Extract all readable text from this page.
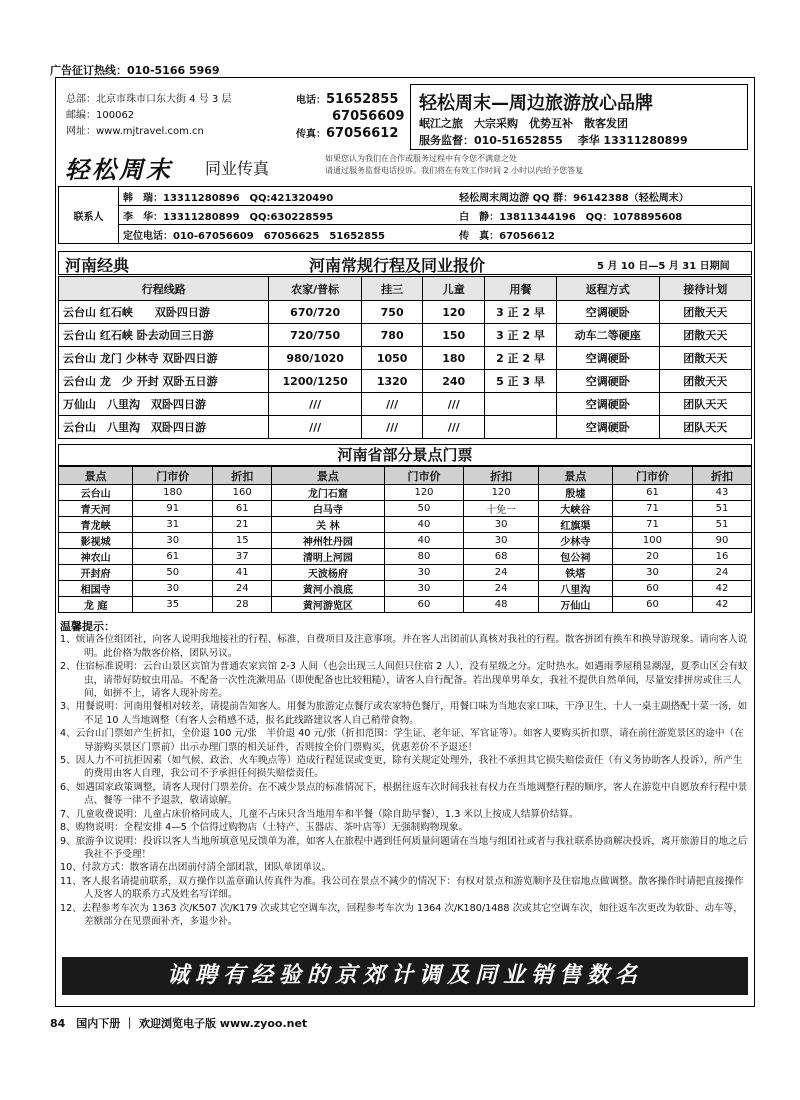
广告征订热线：010-5166 5969
总部：北京市珠市口东大街 4 号 3 层
邮编：100062
网址：www.mjtravel.com.cn
电话：51652855
67056609
传真：67056612
轻松周末—周边旅游放心品牌
岷江之旅　大宗采购　优势互补　散客发团
服务监督：010-51652855　 李华 13311280899
轻松周末 同业传真
如果您认为我们在合作或服务过程中有令您不满意之处
请通过服务监督电话投诉。我们将在有效工作时间 2 小时以内给予您答复
联系人	韩　瑞：13311280896　QQ:421320490	轻松周末周边游 QQ 群：96142388（轻松周末）
	李　华：13311280899　QQ:630228595	白　静：13811344196　QQ：1078895608
	定位电话：010-67056609　67056625　51652855	传　真：67056612
河南经典	河南常规行程及同业报价	5 月 10 日—5 月 31 日期间
行程线路	农家/普标	挂三	儿童	用餐	返程方式	接待计划
云台山 红石峡　　双卧四日游	670/720	750	120	3 正 2 早	空调硬卧	团散天天
云台山 红石峡 卧去动回三日游	720/750	780	150	3 正 2 早	动车二等硬座	团散天天
云台山 龙门 少林寺 双卧四日游	980/1020	1050	180	2 正 2 早	空调硬卧	团散天天
云台山 龙　少 开封 双卧五日游	1200/1250	1320	240	5 正 3 早	空调硬卧	团散天天
万仙山　八里沟　双卧四日游	///	///	///		空调硬卧	团队天天
云台山　八里沟　双卧四日游	///	///	///		空调硬卧	团队天天
河南省部分景点门票
景点	门市价	折扣	景点	门市价	折扣	景点	门市价	折扣
云台山	180	160	龙门石窟	120	120	殷墟	61	43
青天河	91	61	白马寺	50	十免一	大峡谷	71	51
青龙峡	31	21	关 林	40	30	红旗渠	71	51
影视城	30	15	神州牡丹园	40	30	少林寺	100	90
神农山	61	37	清明上河园	80	68	包公祠	20	16
开封府	50	41	天波杨府	30	24	铁塔	30	24
相国寺	30	24	黄河小浪底	30	24	八里沟	60	42
龙 庭	35	28	黄河游览区	60	48	万仙山	60	42
温馨提示：

1、烦请各位组团社，向客人说明我地接社的行程、标准、自费项目及注意事项。并在客人出团前认真核对我社的行程。散客拼团有换车和换导游现象。请向客人说明。此价格为散客价格，团队另议。

2、住宿标准说明：云台山景区宾馆为普通农家宾馆 2-3 人间（也会出现三人间但只住宿 2 人），没有星级之分。定时热水。如遇雨季屋稍显潮湿，夏季山区会有蚊虫，请带好防蚊虫用品。不配备一次性洗漱用品（即使配备也比较粗糙），请客人自行配备。若出现单男单女，我社不提供自然单间，尽量安排拼房或住三人间，如拼不上，请客人现补房差。

3、用餐说明：河南用餐相对较差，请提前告知客人。用餐为旅游定点餐厅或农家特色餐厅，用餐口味为当地农家口味，干净卫生，十人一桌主副搭配十菜一汤，如不足 10 人当地调整（有客人会稍感不适，报名此线路建议客人自己稍带食物。

4、云台山门票如产生折扣，全价退 100 元/张　半价退 40 元/张（折扣范围：学生证、老年证、军官证等）。如客人要购买折扣票，请在前往游览景区的途中（在导游购买景区门票前）出示办理门票的相关证件，否则按全价门票购买，优惠差价不予退还！

5、因人力不可抗拒因素（如气候、政治、火车晚点等）造成行程延误或变更，除有关规定处理外，我社不承担其它损失赔偿责任（有义务协助客人投诉），所产生的费用由客人自理，我公司不予承担任何损失赔偿责任。

6、如遇国家政策调整，请客人现付门票差价。在不减少景点的标准情况下，根据往返车次时间我社有权力在当地调整行程的顺序，客人在游览中自愿放弃行程中景点、餐等一律不予退款，敬请谅解。

7、儿童收费说明：儿童占床价格同成人，儿童不占床只含当地用车和半餐（除自助早餐），1.3 米以上按成人结算价结算。

8、购物说明：全程安排 4—5 个信得过购物店（土特产、玉器店、茶叶店等）无强制购物现象。

9、旅游争议说明：投诉以客人当地所填意见反馈单为准，如客人在旅程中遇到任何质量问题请在当地与组团社或者与我社联系协商解决投诉，离开旅游目的地之后我社不予受理！

10、付款方式：散客请在出团前付清全部团款，团队单团单议。

11、客人报名请提前联系，双方操作以盖章确认传真件为准。我公司在景点不减少的情况下：有权对景点和游览顺序及住宿地点做调整。散客操作时请把直接操作人及客人的联系方式及姓名写详细。

12、去程参考车次为 1363 次/K507 次/K179 次或其它空调车次，回程参考车次为 1364 次/K180/1488 次或其它空调车次，如往返车次更改为软卧、动车等，差额部分在见票面补齐，多退少补。

诚聘有经验的京郊计调及同业销售数名
84　国内下册 ｜ 欢迎浏览电子版 www.zyoo.net
